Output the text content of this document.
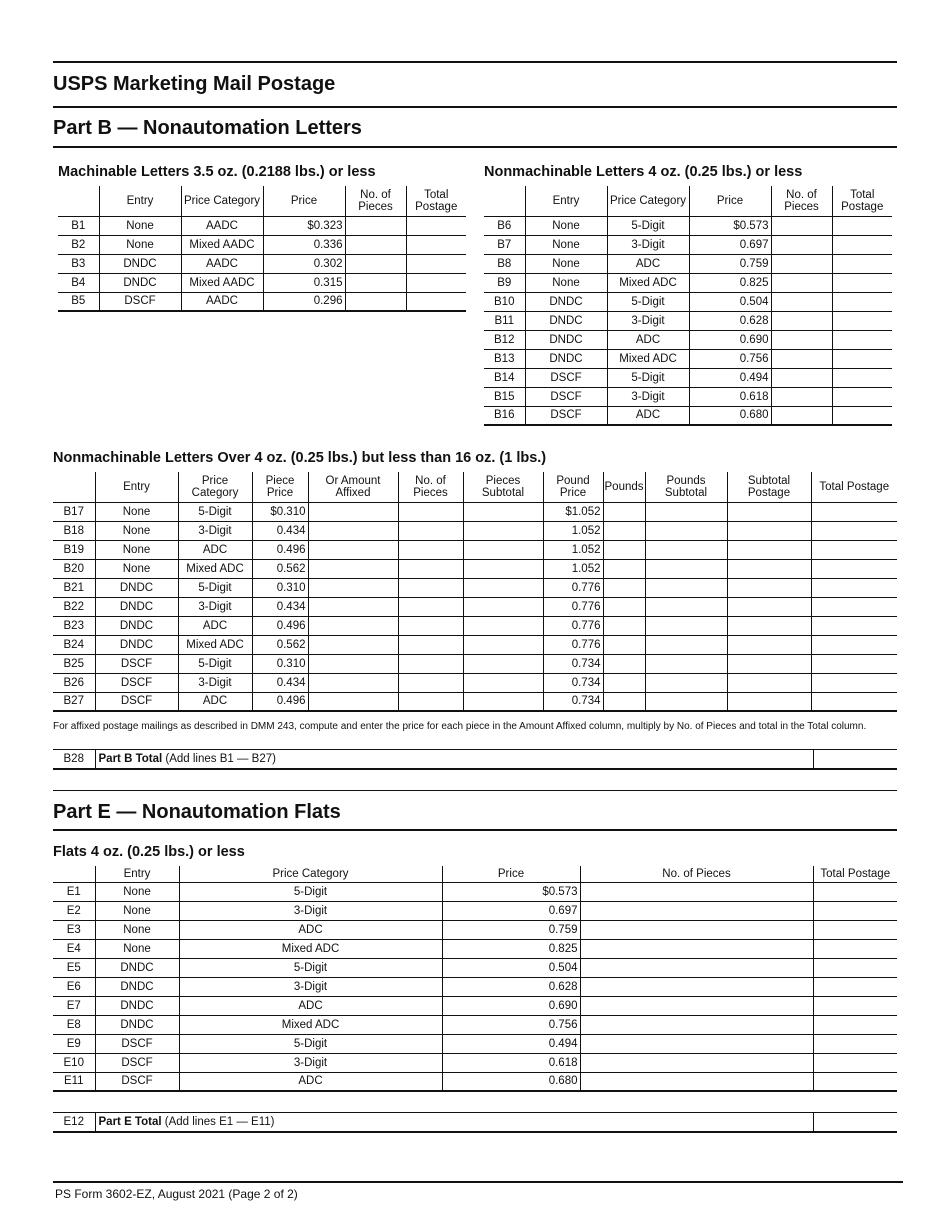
USPS Marketing Mail Postage
Part B — Nonautomation Letters
Machinable Letters 3.5 oz. (0.2188 lbs.) or less
	Entry	Price Category	Price	No. of Pieces	Total Postage
B1	None	AADC	$0.323		
B2	None	Mixed AADC	0.336		
B3	DNDC	AADC	0.302		
B4	DNDC	Mixed AADC	0.315		
B5	DSCF	AADC	0.296		
Nonmachinable Letters 4 oz. (0.25 lbs.) or less
	Entry	Price Category	Price	No. of Pieces	Total Postage
B6	None	5-Digit	$0.573		
B7	None	3-Digit	0.697		
B8	None	ADC	0.759		
B9	None	Mixed ADC	0.825		
B10	DNDC	5-Digit	0.504		
B11	DNDC	3-Digit	0.628		
B12	DNDC	ADC	0.690		
B13	DNDC	Mixed ADC	0.756		
B14	DSCF	5-Digit	0.494		
B15	DSCF	3-Digit	0.618		
B16	DSCF	ADC	0.680		
Nonmachinable Letters Over 4 oz. (0.25 lbs.) but less than 16 oz. (1 lbs.)
	Entry	Price Category	Piece Price	Or Amount Affixed	No. of Pieces	Pieces Subtotal	Pound Price	Pounds	Pounds Subtotal	Subtotal Postage	Total Postage
B17	None	5-Digit	$0.310				$1.052				
B18	None	3-Digit	0.434				1.052				
B19	None	ADC	0.496				1.052				
B20	None	Mixed ADC	0.562				1.052				
B21	DNDC	5-Digit	0.310				0.776				
B22	DNDC	3-Digit	0.434				0.776				
B23	DNDC	ADC	0.496				0.776				
B24	DNDC	Mixed ADC	0.562				0.776				
B25	DSCF	5-Digit	0.310				0.734				
B26	DSCF	3-Digit	0.434				0.734				
B27	DSCF	ADC	0.496				0.734				
For affixed postage mailings as described in DMM 243, compute and enter the price for each piece in the Amount Affixed column, multiply by No. of Pieces and total in the Total column.
B28	Part B Total (Add lines B1 — B27)	
Part E — Nonautomation Flats
Flats 4 oz. (0.25 lbs.) or less
	Entry	Price Category	Price	No. of Pieces	Total Postage
E1	None	5-Digit	$0.573		
E2	None	3-Digit	0.697		
E3	None	ADC	0.759		
E4	None	Mixed ADC	0.825		
E5	DNDC	5-Digit	0.504		
E6	DNDC	3-Digit	0.628		
E7	DNDC	ADC	0.690		
E8	DNDC	Mixed ADC	0.756		
E9	DSCF	5-Digit	0.494		
E10	DSCF	3-Digit	0.618		
E11	DSCF	ADC	0.680		
E12	Part E Total (Add lines E1 — E11)	
PS Form 3602-EZ, August 2021 (Page 2 of 2)
